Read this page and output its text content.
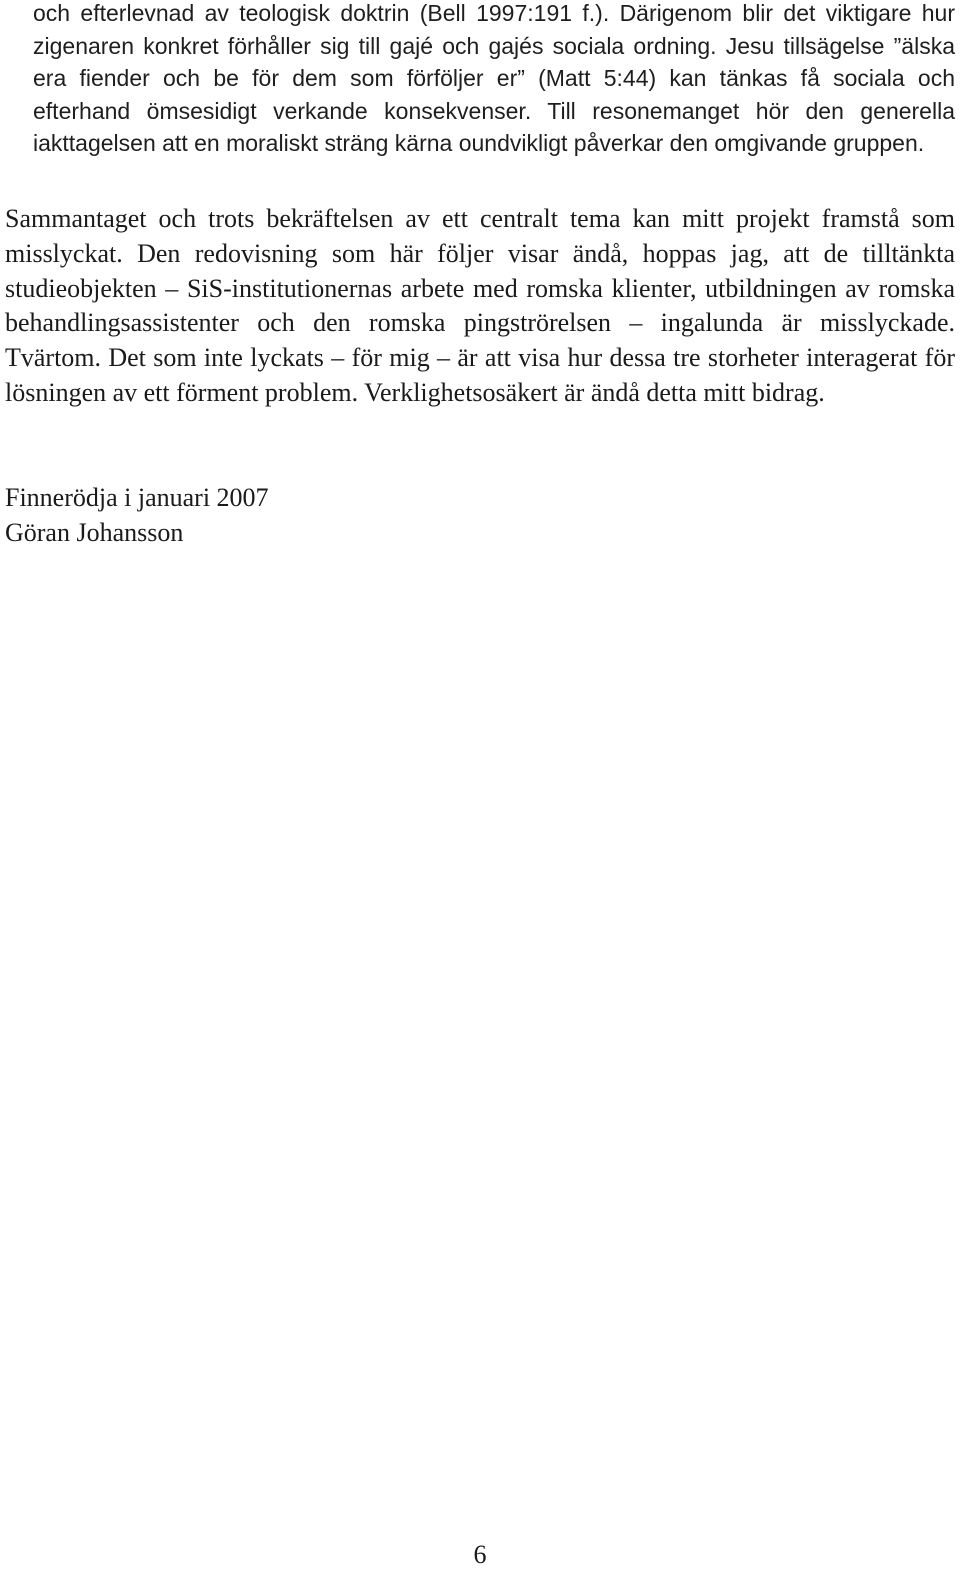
och efterlevnad av teologisk doktrin (Bell 1997:191 f.). Därigenom blir det viktigare hur zigenaren konkret förhåller sig till gajé och gajés sociala ordning. Jesu tillsägelse ”älska era fiender och be för dem som förföljer er” (Matt 5:44) kan tänkas få sociala och efterhand ömsesidigt verkande konsekvenser. Till resonemanget hör den generella iakttagelsen att en moraliskt sträng kärna oundvikligt påverkar den omgivande gruppen.

Sammantaget och trots bekräftelsen av ett centralt tema kan mitt projekt framstå som misslyckat. Den redovisning som här följer visar ändå, hoppas jag, att de tilltänkta studieobjekten – SiS-institutionernas arbete med romska klienter, utbildningen av romska behandlingsassistenter och den romska pingströrelsen – ingalunda är misslyckade. Tvärtom. Det som inte lyckats – för mig – är att visa hur dessa tre storheter interagerat för lösningen av ett förment problem. Verklighetsosäkert är ändå detta mitt bidrag.

Finnerödja i januari 2007
Göran Johansson
6
